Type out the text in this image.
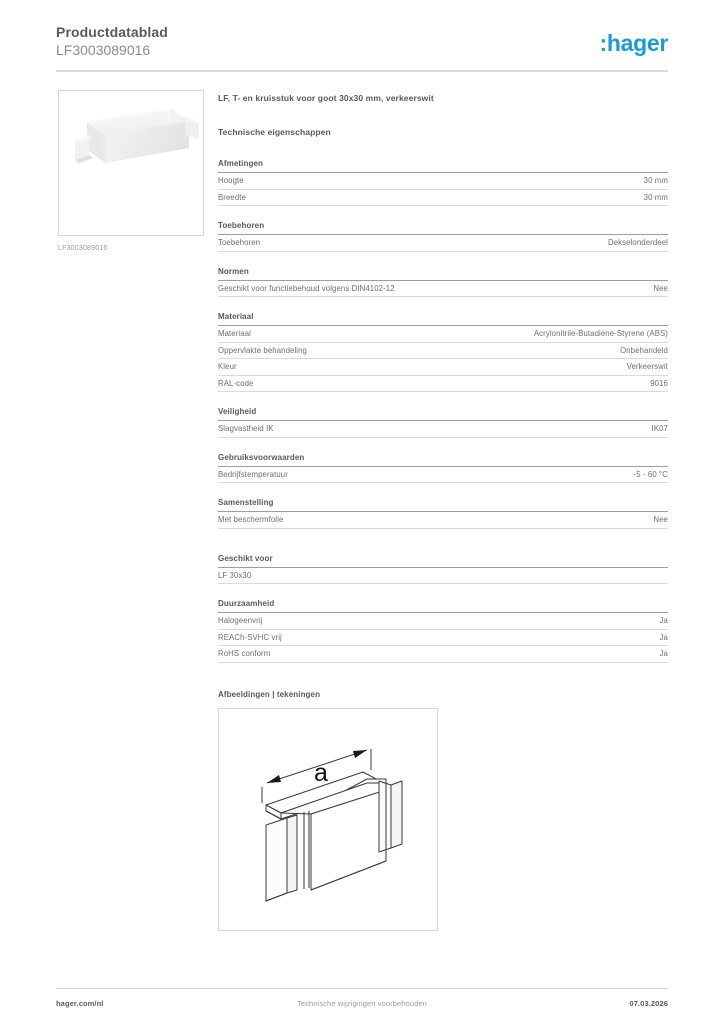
Productdatablad
LF3003089016	:hager
LF3003089016
LF, T- en kruisstuk voor goot 30x30 mm, verkeerswit
Technische eigenschappen
Afmetingen
Hoogte	30 mm
Breedte	30 mm
Toebehoren
Toebehoren	Dekselonderdeel
Normen
Geschikt voor functiebehoud volgens DIN4102-12	Nee
Materiaal
Materiaal	Acrylonitrile-Butadiene-Styrene (ABS)
Oppervlakte behandeling	Onbehandeld
Kleur	Verkeerswit
RAL-code	9016
Veiligheid
Slagvastheid IK	IK07
Gebruiksvoorwaarden
Bedrijfstemperatuur	-5 - 60 °C
Samenstelling
Met beschermfolie	Nee
Geschikt voor
LF 30x30
Duurzaamheid
Halogeenvrij	Ja
REACh-SVHC vrij	Ja
RoHS conform	Ja
Afbeeldingen | tekeningen
a
hager.com/nl	Technische wijzigingen voorbehouden	07.03.2026
